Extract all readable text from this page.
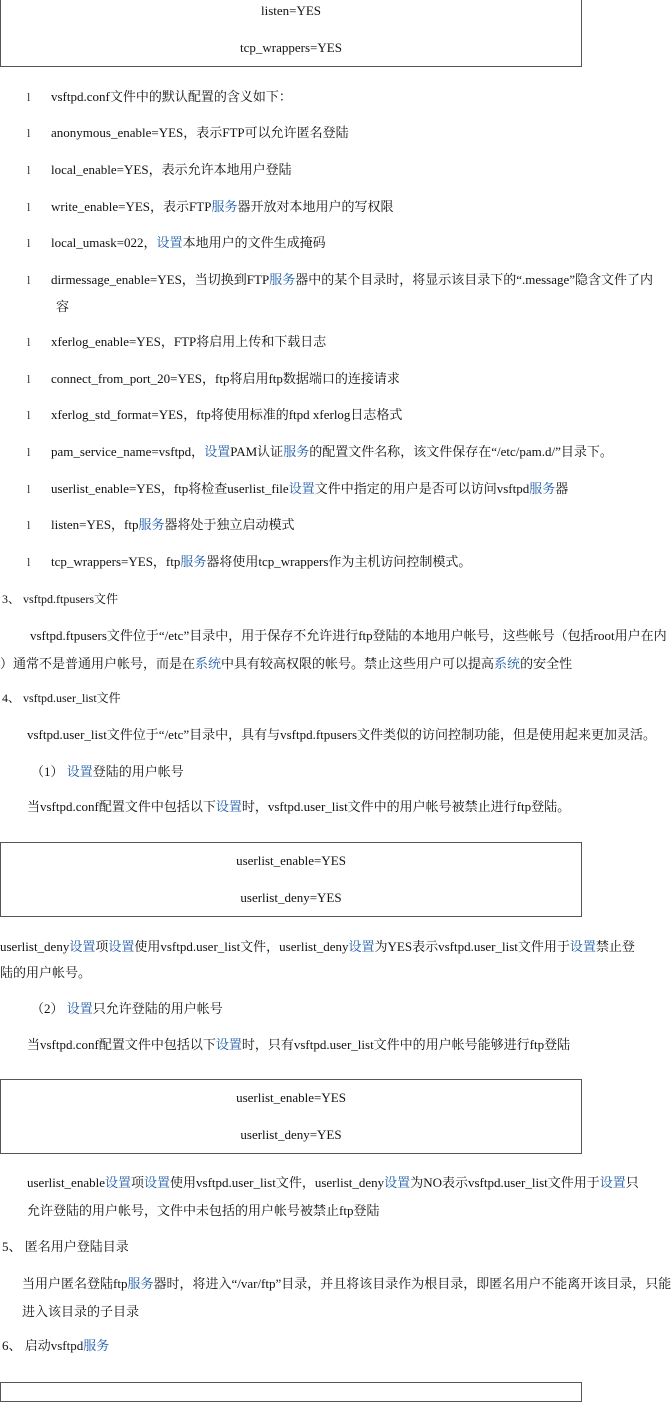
listen=YES
tcp_wrappers=YES
userlist_enable=YES
userlist_deny=YES
userlist_enable=YES
userlist_deny=YES
l vsftpd.conf文件中的默认配置的含义如下：
l anonymous_enable=YES，表示FTP可以允许匿名登陆
l local_enable=YES，表示允许本地用户登陆
l write_enable=YES，表示FTP服务器开放对本地用户的写权限
l local_umask=022，设置本地用户的文件生成掩码
l dirmessage_enable=YES，当切换到FTP服务器中的某个目录时，将显示该目录下的“.message”隐含文件了内
l xferlog_enable=YES，FTP将启用上传和下载日志
l connect_from_port_20=YES，ftp将启用ftp数据端口的连接请求
l xferlog_std_format=YES，ftp将使用标准的ftpd xferlog日志格式
l pam_service_name=vsftpd，设置PAM认证服务的配置文件名称，该文件保存在“/etc/pam.d/”目录下。
l userlist_enable=YES，ftp将检查userlist_file设置文件中指定的用户是否可以访问vsftpd服务器
l listen=YES，ftp服务器将处于独立启动模式
l tcp_wrappers=YES，ftp服务器将使用tcp_wrappers作为主机访问控制模式。
容
3、 vsftpd.ftpusers文件
vsftpd.ftpusers文件位于“/etc”目录中，用于保存不允许进行ftp登陆的本地用户帐号，这些帐号（包括root用户在内
）通常不是普通用户帐号，而是在系统中具有较高权限的帐号。禁止这些用户可以提高系统的安全性
4、 vsftpd.user_list文件
vsftpd.user_list文件位于“/etc”目录中，具有与vsftpd.ftpusers文件类似的访问控制功能，但是使用起来更加灵活。
（1） 设置登陆的用户帐号
当vsftpd.conf配置文件中包括以下设置时，vsftpd.user_list文件中的用户帐号被禁止进行ftp登陆。
userlist_deny设置项设置使用vsftpd.user_list文件，userlist_deny设置为YES表示vsftpd.user_list文件用于设置禁止登
陆的用户帐号。
（2） 设置只允许登陆的用户帐号
当vsftpd.conf配置文件中包括以下设置时，只有vsftpd.user_list文件中的用户帐号能够进行ftp登陆
userlist_enable设置项设置使用vsftpd.user_list文件，userlist_deny设置为NO表示vsftpd.user_list文件用于设置只
允许登陆的用户帐号，文件中未包括的用户帐号被禁止ftp登陆
5、 匿名用户登陆目录
当用户匿名登陆ftp服务器时，将进入“/var/ftp”目录，并且将该目录作为根目录，即匿名用户不能离开该目录，只能
进入该目录的子目录
6、 启动vsftpd服务
